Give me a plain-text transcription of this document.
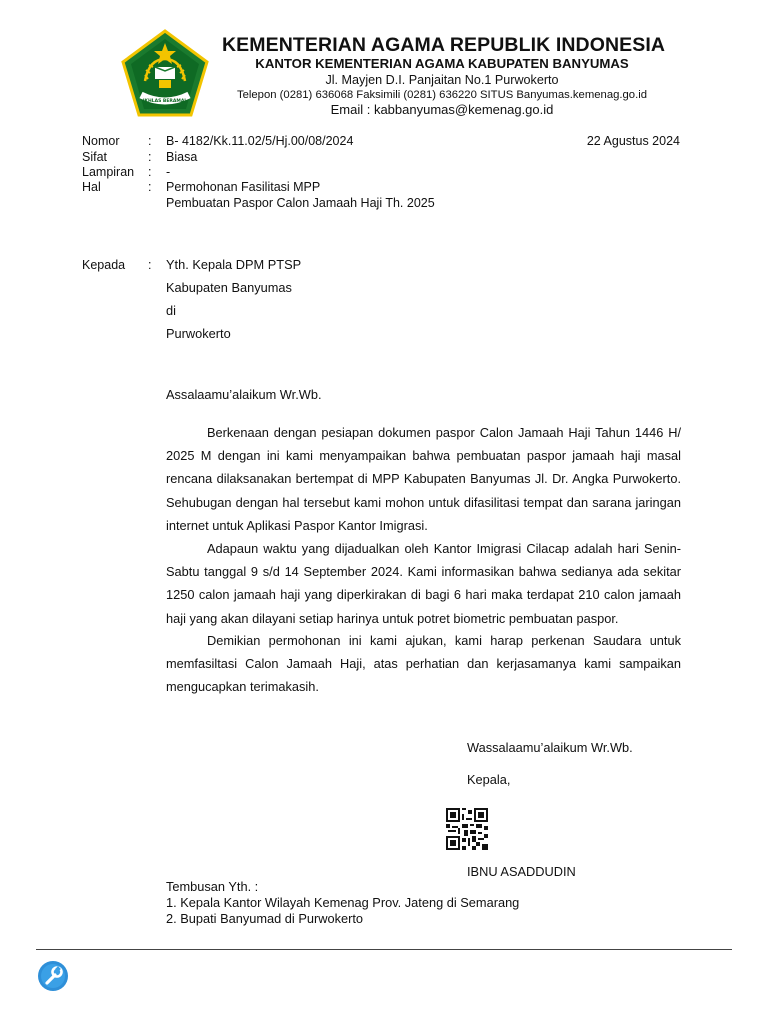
IKHLAS BERAMAL
KEMENTERIAN AGAMA REPUBLIK INDONESIA
KANTOR KEMENTERIAN AGAMA KABUPATEN BANYUMAS
Jl. Mayjen D.I. Panjaitan No.1 Purwokerto
Telepon (0281) 636068 Faksimili (0281) 636220 SITUS Banyumas.kemenag.go.id
Email : kabbanyumas@kemenag.go.id
Nomor	:	B- 4182/Kk.11.02/5/Hj.00/08/2024
Sifat	:	Biasa
Lampiran	:	-
Hal	:	Permohonan Fasilitasi MPP
Pembuatan Paspor Calon Jamaah Haji Th. 2025
22 Agustus 2024
Kepada	:	Yth. Kepala DPM PTSP
Kabupaten Banyumas
di
Purwokerto
Assalaamu’alaikum Wr.Wb.
Berkenaan dengan pesiapan dokumen paspor Calon Jamaah Haji Tahun 1446 H/ 2025 M dengan ini kami menyampaikan bahwa pembuatan paspor jamaah haji masal rencana dilaksanakan bertempat di MPP Kabupaten Banyumas Jl. Dr. Angka Purwokerto. Sehubugan dengan hal tersebut kami mohon untuk difasilitasi tempat dan sarana jaringan internet untuk Aplikasi Paspor Kantor Imigrasi.
Adapaun waktu yang dijadualkan oleh Kantor Imigrasi Cilacap adalah hari Senin-Sabtu tanggal 9 s/d 14 September 2024. Kami informasikan bahwa sedianya ada sekitar 1250 calon jamaah haji yang diperkirakan di bagi 6 hari maka terdapat 210 calon jamaah haji yang akan dilayani setiap harinya untuk potret biometric pembuatan paspor.
Demikian permohonan ini kami ajukan, kami harap perkenan Saudara untuk memfasiltasi Calon Jamaah Haji, atas perhatian dan kerjasamanya kami sampaikan mengucapkan terimakasih.
Wassalaamu’alaikum Wr.Wb.
Kepala,
IBNU ASADDUDIN
Tembusan Yth. :
1. Kepala Kantor Wilayah Kemenag Prov. Jateng di Semarang
2. Bupati Banyumad di Purwokerto
